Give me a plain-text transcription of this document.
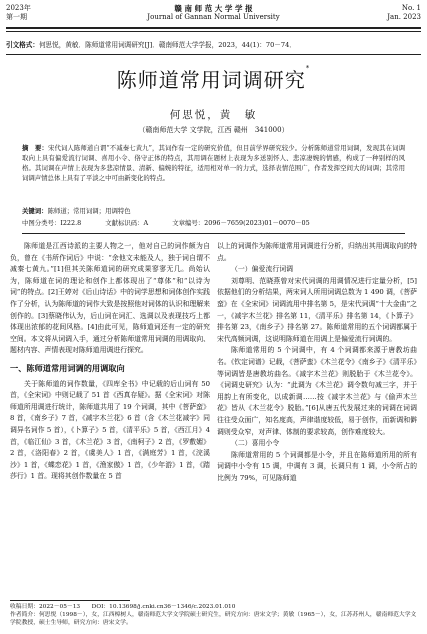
2023年
第一期
赣 南 师 范 大 学 学 报
Journal of Gannan Normal University
No. 1
Jan. 2023
引文格式：何思悦，黄敏．陈师道常用词调研究[J]．赣南师范大学学报，2023，44(1)：70－74．
陈师道常用词调研究*
何思悦，黄　敏
（赣南师范大学 文学院，江西 赣州　341000）
摘　要：宋代词人陈师道自谓“不减秦七黄九”，其词作有一定的研究价值，但目前学界研究较少。分析陈师道常用词调，发现其在词调取向上具有偏爱流行词调、喜用小令、佫守正体的特点，其用调在题材上表现为多送别怀人、悲凉凄婉的情感，构成了一种别样的风格。其词调在声情上表现为多悲凉情景、清新、偏婉的特征，适用相对单一的力式，选择表情范围广，作者发挥空间大的词调；其常用词调声情总体上具有了平淡之中可由新变化的特点。
关键词：陈师道；常用词调；用调特色
中图分类号：I222.8	文献标识码：A	文章编号：2096－7659(2023)01－0070－05

陈师道是江西诗派的主要人物之一，他对自己的词作颇为自负，曾在《书所作词后》中说：“余他文未能及人，独于词自谓不减秦七黄九。”[1]但其关陈师道词的研究成果寥寥无几。尚始认为，陈师道在词的理论和创作上都体现出了“尊体”和“以诗为词”的特点。[2]王婷对《后山诗话》中的词学思想和词体创作实践作了分析，认为陈师道的词作大致是按照他对词体的认识和理解来创作的。[3]蔡晓伟认为，后山词在词汇、选调以及表现技巧上都体现出浓郁的花间风格。[4]由此可见，陈师道词还有一定的研究空间。本文将从词调入手，通过分析陈师道常用词调的用调取向、题材内容、声情表现对陈师道用调进行探究。

一、陈师道常用词调的用调取向

关于陈师道的词作数量，《四库全书》中记载的后山词有 50 首，《全宋词》中则记载了 51 首《西真存疑》。据《全宋词》对陈师道所用调进行统计，陈师道共用了 19 个词调，其中《菩萨蛮》8 首，《南乡子》7 首，《减字木兰花》6 首（含《木兰花减字》同调异名词作 5 首），《卜算子》5 首，《清平乐》5 首，《西江月》4 首，《临江仙》3 首，《木兰花》3 首，《南柯子》2 首，《罗敷媚》2 首，《洛阳春》2 首，《虞美人》1 首，《满庭芳》1 首，《浣溪沙》1 首，《蝶恋花》1 首，《渔家傲》1 首，《少年游》1 首，《踏莎行》1 首。现将其创作数量在 5 首

以上的词调作为陈师道常用词调进行分析，归纳出其用调取向的特点。

（一）偏爱流行词调

刘尊明、范晓燕曾对宋代词调的用调情况进行定量分析，[5]依据他们的分析结果，两宋词人所用词调总数为 1 490 调，《菩萨蛮》在《全宋词》词调流用中排名第 5，是宋代词调“十大金曲”之一，《减字木兰花》排名第 11，《清平乐》排名第 14，《卜算子》排名第 23，《南乡子》排名第 27。陈师道常用的五个词调都属于宋代高频词调，这说明陈师道在用调上是偏爱流行词调的。

陈师道常用的 5 个词调中，有 4 个词调都来源于唐教坊曲名。《钦定词谱》记载，《菩萨蛮》《木兰花令》《南乡子》《清平乐》等词调皆是唐教坊曲名。《减字木兰花》则脱胎于《木兰花令》。《词调史研究》认为：“此调为《木兰花》调令数句减三字，并于用韵上有所变化，以成新调……按《减字木兰花》与《偷声木兰花》皆从《木兰花令》脱胎。”[6]从唐五代发展过来的词调在词调往往受众面广，知名度高，声律谐度较低，易于创作，而新调和僻调则受众窄，对声律、体制的要求较高，创作难度较大。

（二）喜用小令

陈师道常用的 5 个词调都是小令，并且在陈师道所用的所有词调中小令有 15 调，中调有 3 调，长调只有 1 调，小令所占的比例为 79%，可见陈师道

收稿日期：2022－05－13　　DOI：10.13698/j.cnki.cn36－1346/c.2023.01.010

作者简介：何思悦（1998－），女，江西樟树人，赣南师范大学文学院硕士研究生，研究方向：唐宋文学；黄敏（1965－），女，江苏苏州人，赣南师范大学文学院教授，硕士生导师，研究方向：唐宋文学。
